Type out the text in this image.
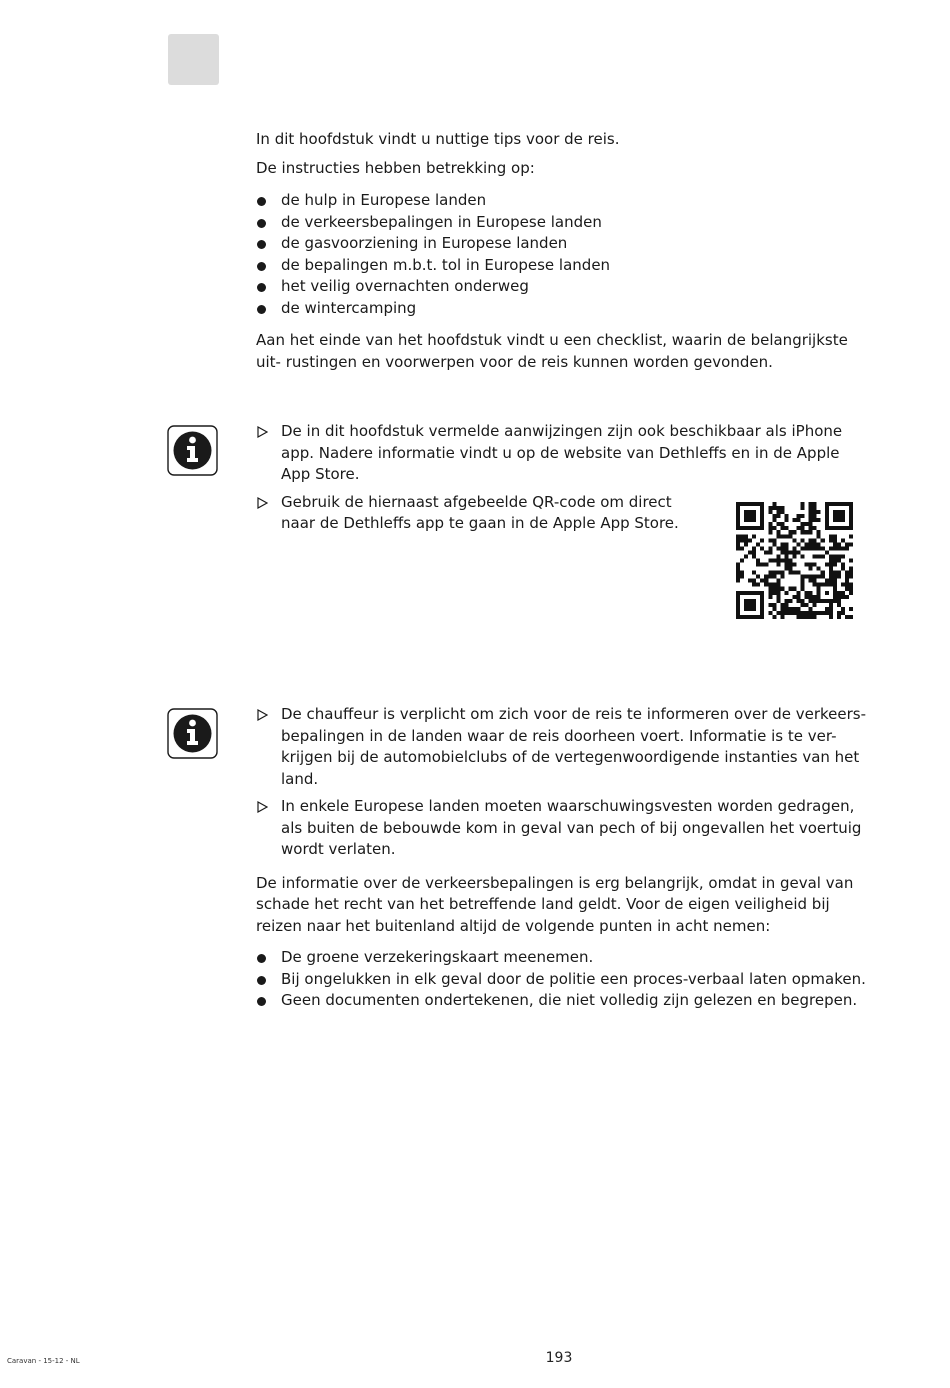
In dit hoofdstuk vindt u nuttige tips voor de reis.

De instructies hebben betrekking op:

de hulp in Europese landen
de verkeersbepalingen in Europese landen
de gasvoorziening in Europese landen
de bepalingen m.b.t. tol in Europese landen
het veilig overnachten onderweg
de wintercamping

Aan het einde van het hoofdstuk vindt u een checklist, waarin de belangrijkste uit- rustingen en voorwerpen voor de reis kunnen worden gevonden.

De in dit hoofdstuk vermelde aanwijzingen zijn ook beschikbaar als iPhone app. Nadere informatie vindt u op de website van Dethleffs en in de Apple App Store.
Gebruik de hiernaast afgebeelde QR-code om direct naar de Dethleffs app te gaan in de Apple App Store.
De chauffeur is verplicht om zich voor de reis te informeren over de verkeers- bepalingen in de landen waar de reis doorheen voert. Informatie is te ver- krijgen bij de automobielclubs of de vertegenwoordigende instanties van het land.
In enkele Europese landen moeten waarschuwingsvesten worden gedragen, als buiten de bebouwde kom in geval van pech of bij ongevallen het voertuig wordt verlaten.

De informatie over de verkeersbepalingen is erg belangrijk, omdat in geval van schade het recht van het betreffende land geldt. Voor de eigen veiligheid bij reizen naar het buitenland altijd de volgende punten in acht nemen:

De groene verzekeringskaart meenemen.
Bij ongelukken in elk geval door de politie een proces-verbaal laten opmaken.
Geen documenten ondertekenen, die niet volledig zijn gelezen en begrepen.
Caravan - 15-12 - NL	193
